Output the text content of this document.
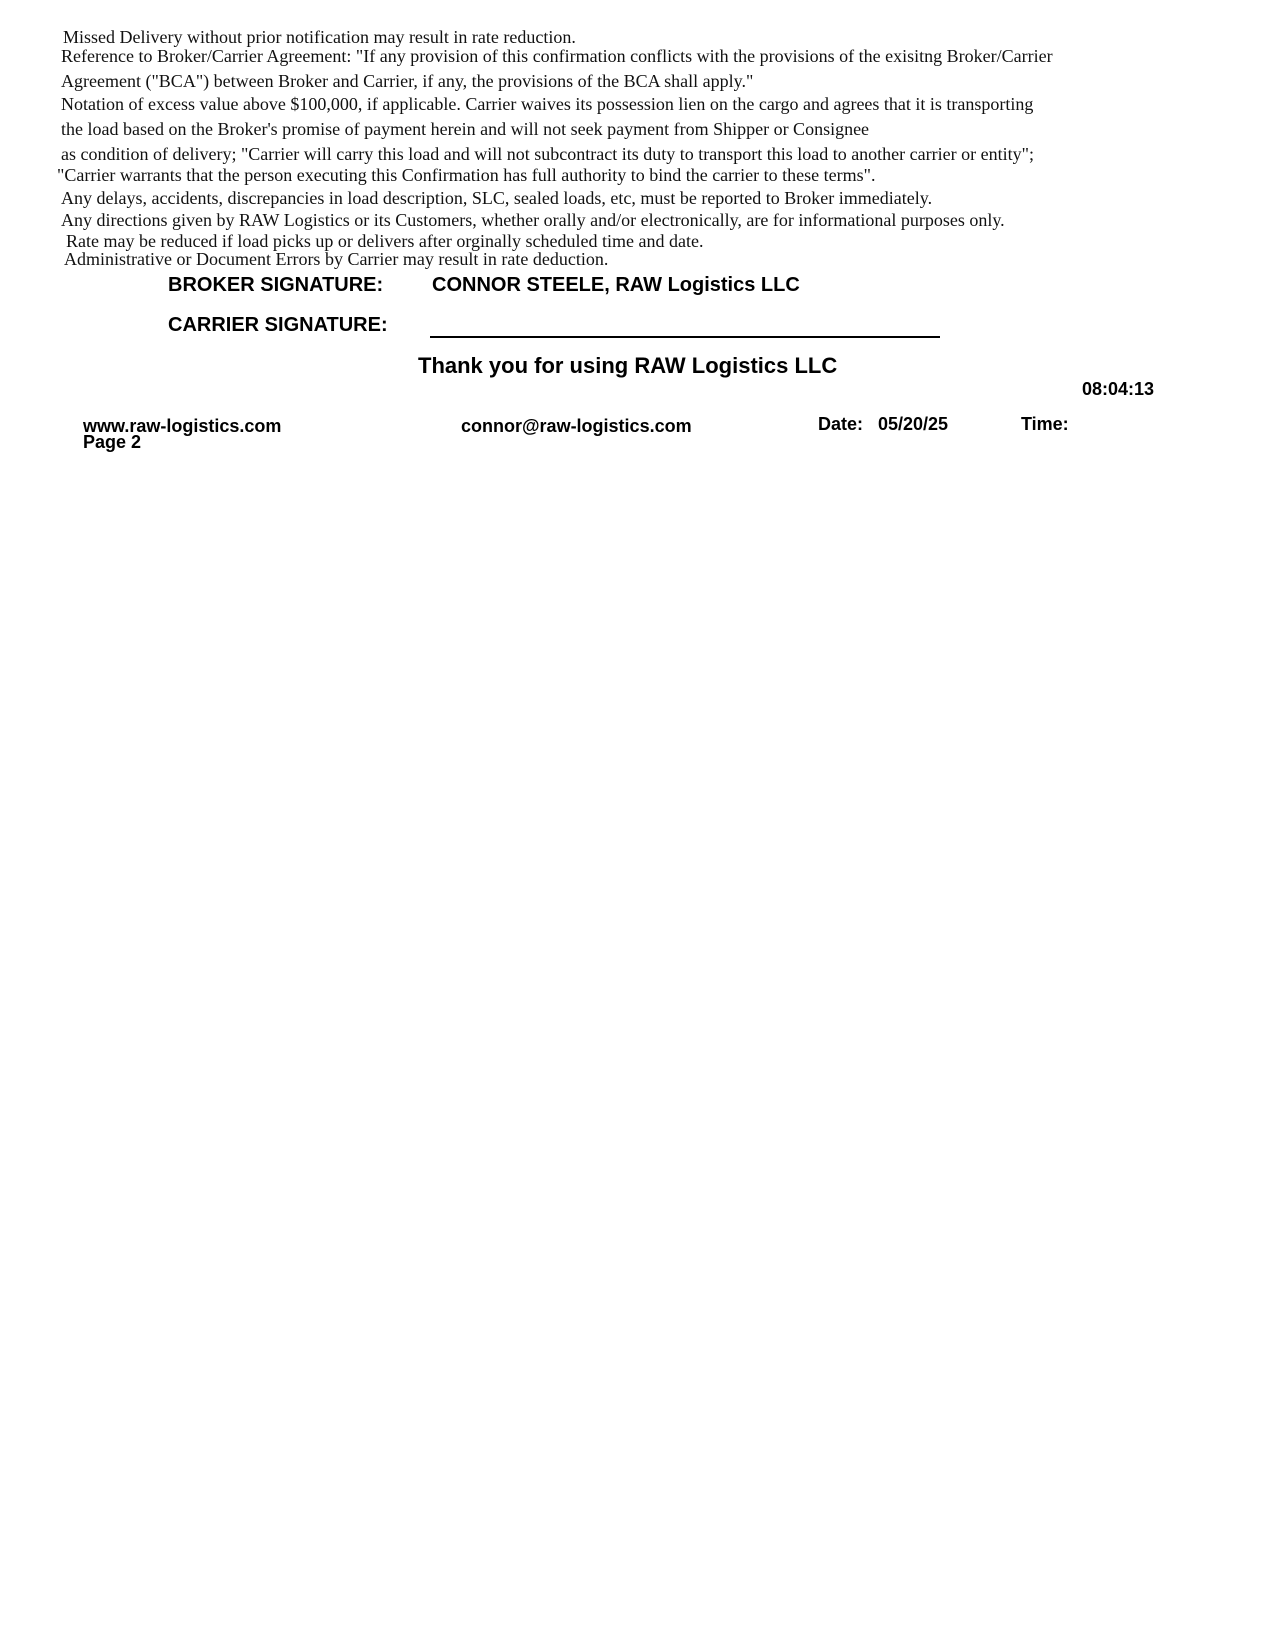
Missed Delivery without prior notification may result in rate reduction.
Reference to Broker/Carrier Agreement: "If any provision of this confirmation conflicts with the provisions of the exisitng Broker/Carrier
Agreement ("BCA") between Broker and Carrier, if any, the provisions of the BCA shall apply."
Notation of excess value above $100,000, if applicable. Carrier waives its possession lien on the cargo and agrees that it is transporting
the load based on the Broker's promise of payment herein and will not seek payment from Shipper or Consignee
as condition of delivery; "Carrier will carry this load and will not subcontract its duty to transport this load to another carrier or entity";
"Carrier warrants that the person executing this Confirmation has full authority to bind the carrier to these terms".
Any delays, accidents, discrepancies in load description, SLC, sealed loads, etc, must be reported to Broker immediately.
Any directions given by RAW Logistics or its Customers, whether orally and/or electronically, are for informational purposes only.
Rate may be reduced if load picks up or delivers after orginally scheduled time and date.
Administrative or Document Errors by Carrier may result in rate deduction.
BROKER SIGNATURE: CONNOR STEELE, RAW Logistics LLC
CARRIER SIGNATURE:
Thank you for using RAW Logistics LLC
08:04:13
www.raw-logistics.com
Page 2
connor@raw-logistics.com	Date: 05/20/25	Time:
